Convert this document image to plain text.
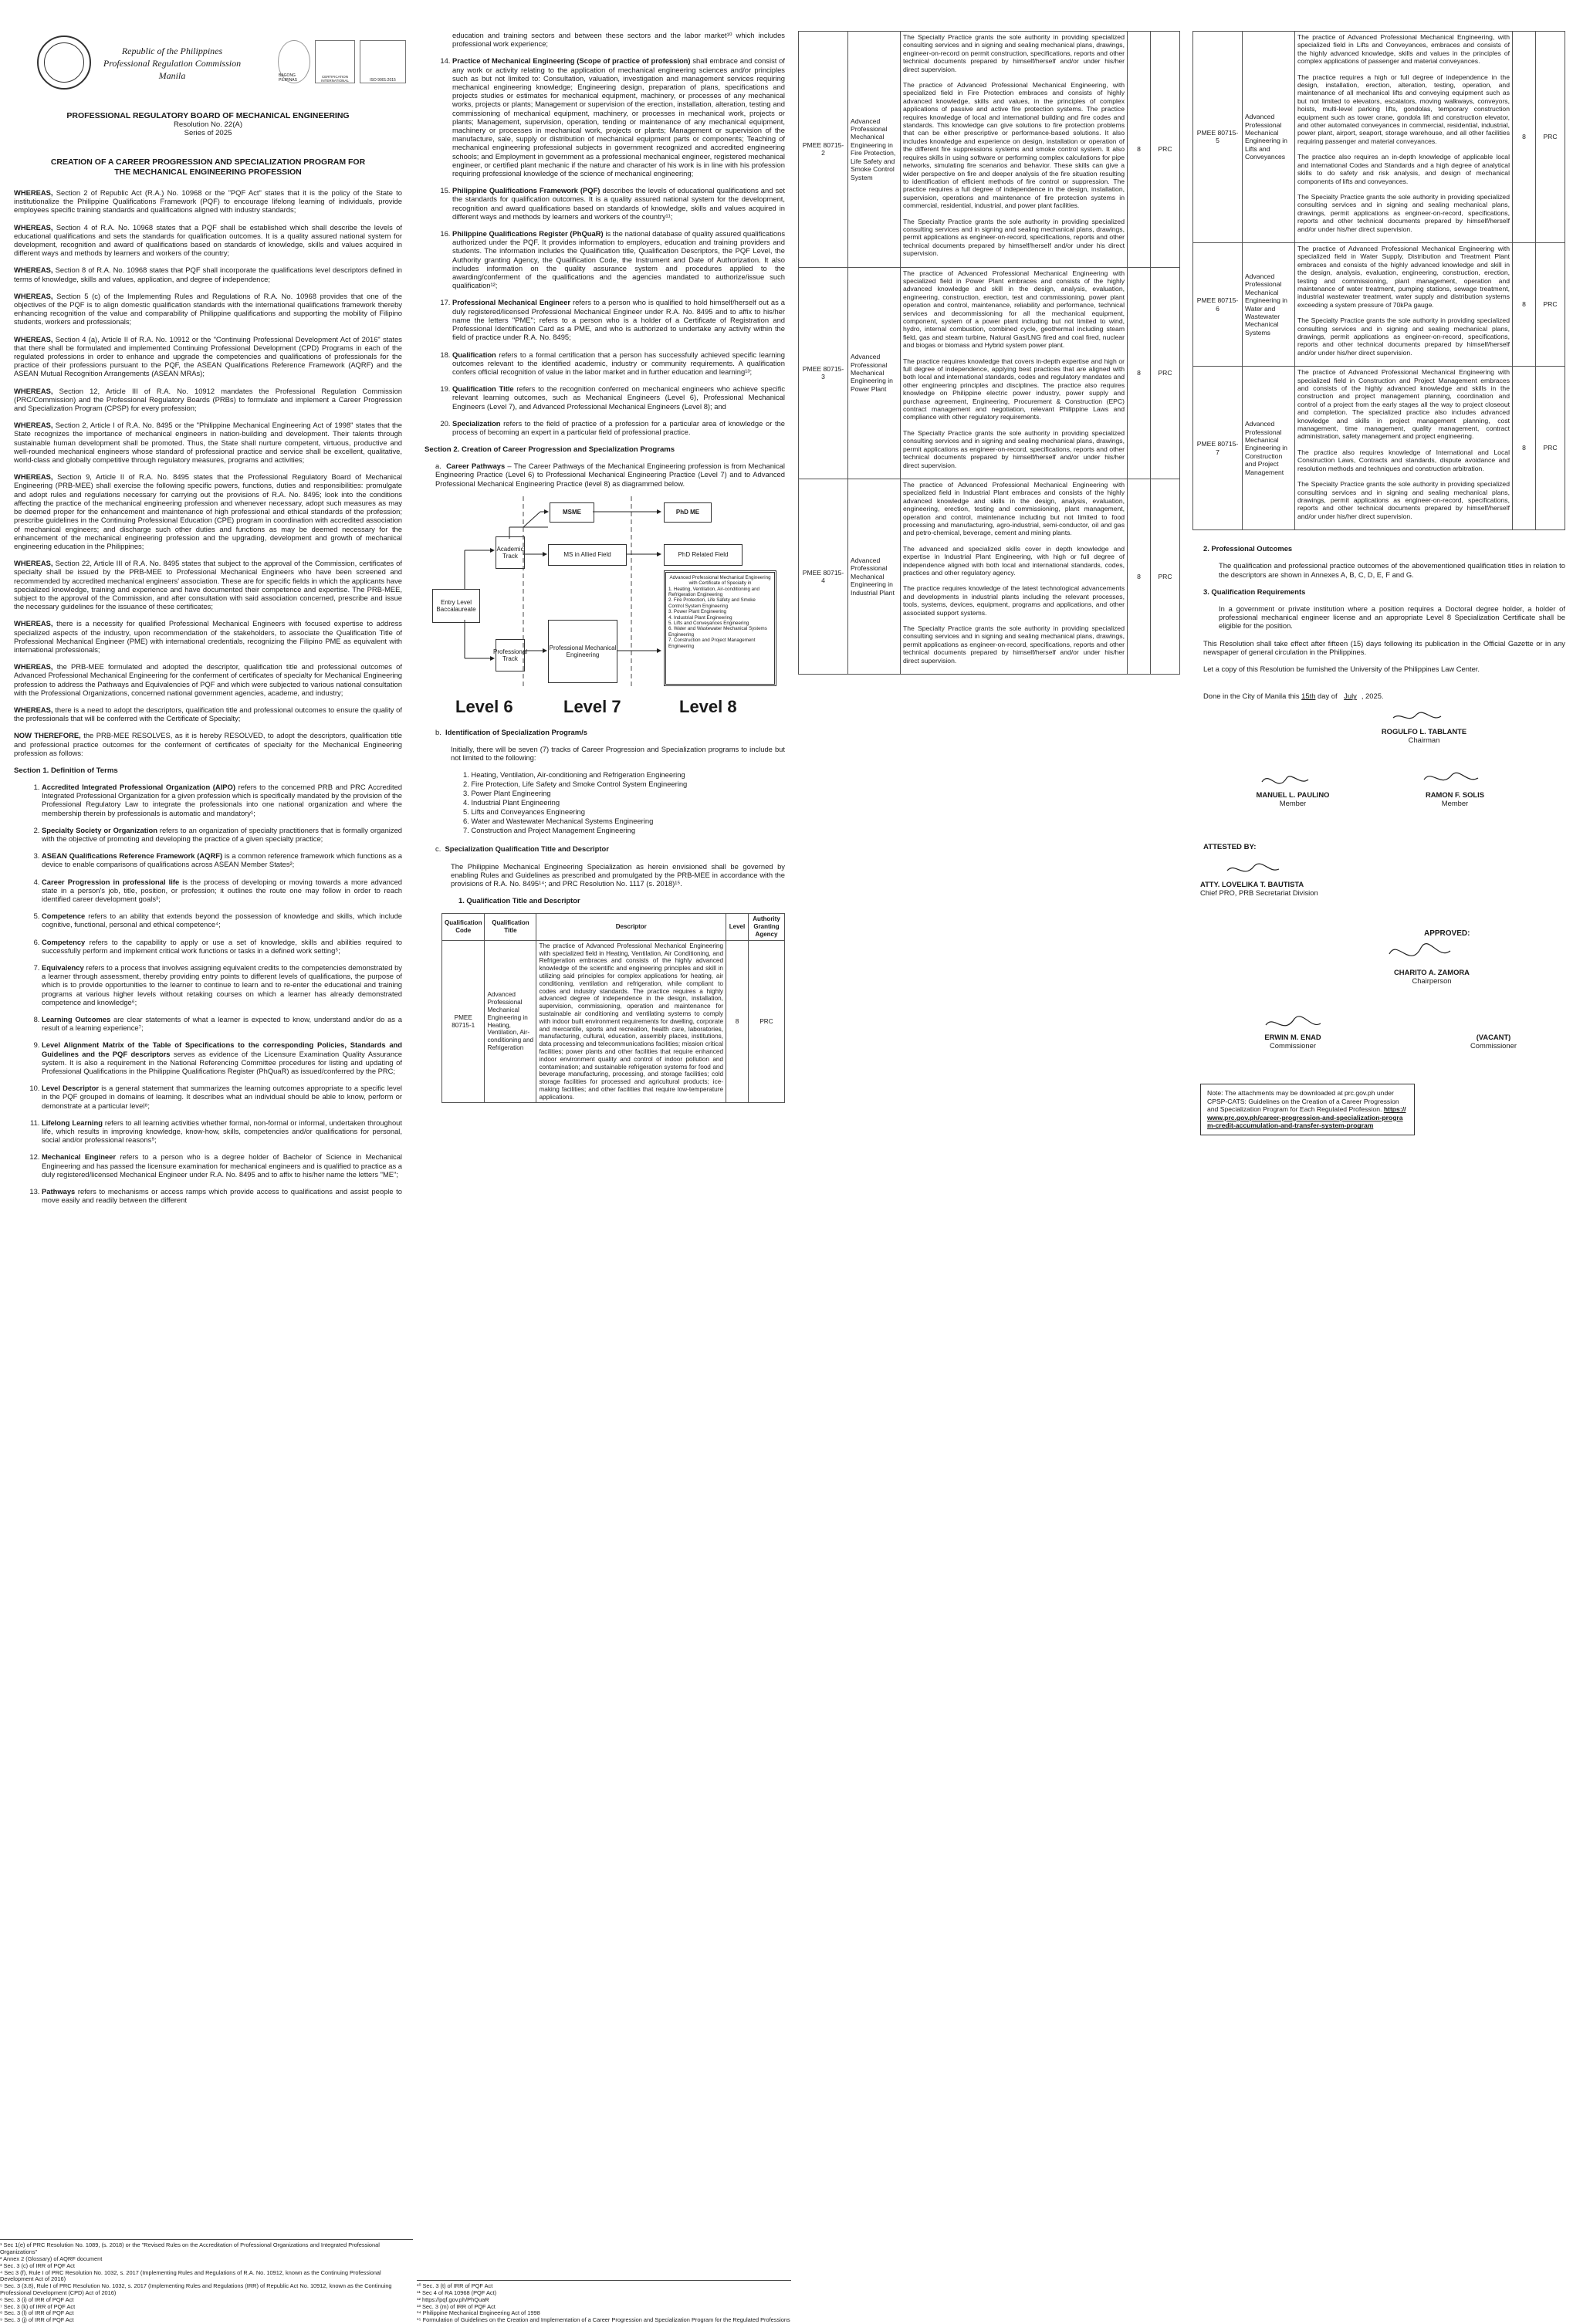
Republic of the Philippines
Professional Regulation Commission
Manila	BAGONG PILIPINAS
CERTIFICATION INTERNATIONAL	ISO 9001:2015
PROFESSIONAL REGULATORY BOARD OF MECHANICAL ENGINEERING
Resolution No. 22(A)
Series of 2025
CREATION OF A CAREER PROGRESSION AND SPECIALIZATION PROGRAM FOR THE MECHANICAL ENGINEERING PROFESSION

WHEREAS, Section 2 of Republic Act (R.A.) No. 10968 or the "PQF Act" states that it is the policy of the State to institutionalize the Philippine Qualifications Framework (PQF) to encourage lifelong learning of individuals, provide employees specific training standards and qualifications aligned with industry standards;

WHEREAS, Section 4 of R.A. No. 10968 states that a PQF shall be established which shall describe the levels of educational qualifications and sets the standards for qualification outcomes. It is a quality assured national system for development, recognition and award of qualifications based on standards of knowledge, skills and values acquired in different ways and methods by learners and workers of the country;

WHEREAS, Section 8 of R.A. No. 10968 states that PQF shall incorporate the qualifications level descriptors defined in terms of knowledge, skills and values, application, and degree of independence;

WHEREAS, Section 5 (c) of the Implementing Rules and Regulations of R.A. No. 10968 provides that one of the objectives of the PQF is to align domestic qualification standards with the international qualifications framework thereby enhancing recognition of the value and comparability of Philippine qualifications and supporting the mobility of Filipino students, workers and professionals;

WHEREAS, Section 4 (a), Article II of R.A. No. 10912 or the "Continuing Professional Development Act of 2016" states that there shall be formulated and implemented Continuing Professional Development (CPD) Programs in each of the regulated professions in order to enhance and upgrade the competencies and qualifications of professionals for the practice of their professions pursuant to the PQF, the ASEAN Qualifications Reference Framework (AQRF) and the ASEAN Mutual Recognition Arrangements (ASEAN MRAs);

WHEREAS, Section 12, Article III of R.A. No. 10912 mandates the Professional Regulation Commission (PRC/Commission) and the Professional Regulatory Boards (PRBs) to formulate and implement a Career Progression and Specialization Program (CPSP) for every profession;

WHEREAS, Section 2, Article I of R.A. No. 8495 or the "Philippine Mechanical Engineering Act of 1998" states that the State recognizes the importance of mechanical engineers in nation-building and development. Their talents through sustainable human development shall be promoted. Thus, the State shall nurture competent, virtuous, productive and well-rounded mechanical engineers whose standard of professional practice and service shall be excellent, qualitative, world-class and globally competitive through regulatory measures, programs and activities;

WHEREAS, Section 9, Article II of R.A. No. 8495 states that the Professional Regulatory Board of Mechanical Engineering (PRB-MEE) shall exercise the following specific powers, functions, duties and responsibilities: promulgate and adopt rules and regulations necessary for carrying out the provisions of R.A. No. 8495; look into the conditions affecting the practice of the mechanical engineering profession and whenever necessary, adopt such measures as may be deemed proper for the enhancement and maintenance of high professional and ethical standards of the profession; prescribe guidelines in the Continuing Professional Education (CPE) program in coordination with accredited association of mechanical engineers; and discharge such other duties and functions as may be deemed necessary for the enhancement of the mechanical engineering profession and the upgrading, development and growth of mechanical engineering education in the Philippines;

WHEREAS, Section 22, Article III of R.A. No. 8495 states that subject to the approval of the Commission, certificates of specialty shall be issued by the PRB-MEE to Professional Mechanical Engineers who have been screened and recommended by accredited mechanical engineers' association. These are for specific fields in which the applicants have specialized knowledge, training and experience and have documented their competence and expertise. The PRB-MEE, subject to the approval of the Commission, and after consultation with said association concerned, prescribe and issue the necessary guidelines for the issuance of these certificates;

WHEREAS, there is a necessity for qualified Professional Mechanical Engineers with focused expertise to address specialized aspects of the industry, upon recommendation of the stakeholders, to associate the Qualification Title of Professional Mechanical Engineer (PME) with international credentials, recognizing the Filipino PME as equivalent with international professionals;

WHEREAS, the PRB-MEE formulated and adopted the descriptor, qualification title and professional outcomes of Advanced Professional Mechanical Engineering for the conferment of certificates of specialty for Mechanical Engineering profession to address the Pathways and Equivalencies of PQF and which were subjected to various national consultation with the Professional Organizations, concerned national government agencies, academe, and industry;

WHEREAS, there is a need to adopt the descriptors, qualification title and professional outcomes to ensure the quality of the professionals that will be conferred with the Certificate of Specialty;

NOW THEREFORE, the PRB-MEE RESOLVES, as it is hereby RESOLVED, to adopt the descriptors, qualification title and professional practice outcomes for the conferment of certificates of specialty for the Mechanical Engineering profession as follows:

Section 1. Definition of Terms
1. Accredited Integrated Professional Organization (AIPO) refers to the concerned PRB and PRC Accredited Integrated Professional Organization for a given profession which is specifically mandated by the provision of the Professional Regulatory Law to integrate the professionals into one national organization and where the membership therein by professionals is automatic and mandatory¹;
2. Specialty Society or Organization refers to an organization of specialty practitioners that is formally organized with the objective of promoting and developing the practice of a given specialty practice;
3. ASEAN Qualifications Reference Framework (AQRF) is a common reference framework which functions as a device to enable comparisons of qualifications across ASEAN Member States²;
4. Career Progression in professional life is the process of developing or moving towards a more advanced state in a person's job, title, position, or profession; it outlines the route one may follow in order to reach identified career development goals³;
5. Competence refers to an ability that extends beyond the possession of knowledge and skills, which include cognitive, functional, personal and ethical competence⁴;
6. Competency refers to the capability to apply or use a set of knowledge, skills and abilities required to successfully perform and implement critical work functions or tasks in a defined work setting⁵;
7. Equivalency refers to a process that involves assigning equivalent credits to the competencies demonstrated by a learner through assessment, thereby providing entry points to different levels of qualifications, the purpose of which is to provide opportunities to the learner to continue to learn and to re-enter the educational and training programs at various higher levels without retaking courses on which a learner has already demonstrated competence and knowledge⁶;
8. Learning Outcomes are clear statements of what a learner is expected to know, understand and/or do as a result of a learning experience⁷;
9. Level Alignment Matrix of the Table of Specifications to the corresponding Policies, Standards and Guidelines and the PQF descriptors serves as evidence of the Licensure Examination Quality Assurance system. It is also a requirement in the National Referencing Committee procedures for listing and updating of Professional Qualifications in the Philippine Qualifications Register (PhQuaR) as issued/conferred by the PRC;
10. Level Descriptor is a general statement that summarizes the learning outcomes appropriate to a specific level in the PQF grouped in domains of learning. It describes what an individual should be able to know, perform or demonstrate at a particular level⁸;
11. Lifelong Learning refers to all learning activities whether formal, non-formal or informal, undertaken throughout life, which results in improving knowledge, know-how, skills, competencies and/or qualifications for personal, social and/or professional reasons⁹;
12. Mechanical Engineer refers to a person who is a degree holder of Bachelor of Science in Mechanical Engineering and has passed the licensure examination for mechanical engineers and is qualified to practice as a duly registered/licensed Mechanical Engineer under R.A. No. 8495 and to affix to his/her name the letters "ME";
13. Pathways refers to mechanisms or access ramps which provide access to qualifications and assist people to move easily and readily between the different

¹ Sec 1(e) of PRC Resolution No. 1089, (s. 2018) or the "Revised Rules on the Accreditation of Professional Organizations and Integrated Professional Organizations"

² Annex 2 (Glossary) of AQRF document

³ Sec. 3 (c) of IRR of PQF Act

⁴ Sec 3 (f), Rule I of PRC Resolution No. 1032, s. 2017 (Implementing Rules and Regulations of R.A. No. 10912, known as the Continuing Professional Development Act of 2016)

⁵ Sec. 3 (3.8), Rule I of PRC Resolution No. 1032, s. 2017 (Implementing Rules and Regulations (IRR) of Republic Act No. 10912, known as the Continuing Professional Development (CPD) Act of 2016)

⁶ Sec. 3 (i) of IRR of PQF Act

⁷ Sec. 3 (k) of IRR of PQF Act

⁸ Sec. 3 (l) of IRR of PQF Act

⁹ Sec. 3 (j) of IRR of PQF Act

education and training sectors and between these sectors and the labor market¹⁰ which includes professional work experience;

14. Practice of Mechanical Engineering (Scope of practice of profession) shall embrace and consist of any work or activity relating to the application of mechanical engineering sciences and/or principles such as but not limited to: Consultation, valuation, investigation and management services requiring mechanical engineering knowledge; Engineering design, preparation of plans, specifications and projects studies or estimates for mechanical equipment, machinery, or processes of any mechanical works, projects or plants; Management or supervision of the erection, installation, alteration, testing and commissioning of mechanical equipment, machinery, or processes in mechanical work, projects or plants; Management, supervision, operation, tending or maintenance of any mechanical equipment, machinery or processes in mechanical work, projects or plants; Management or supervision of the manufacture, sale, supply or distribution of mechanical equipment parts or components; Teaching of mechanical engineering professional subjects in government recognized and accredited engineering schools; and Employment in government as a professional mechanical engineer, registered mechanical engineer, or certified plant mechanic if the nature and character of his work is in line with his profession requiring professional knowledge of the science of mechanical engineering;
15. Philippine Qualifications Framework (PQF) describes the levels of educational qualifications and set the standards for qualification outcomes. It is a quality assured national system for the development, recognition and award qualifications based on standards of knowledge, skills and values acquired in different ways and methods by learners and workers of the country¹¹;
16. Philippine Qualifications Register (PhQuaR) is the national database of quality assured qualifications authorized under the PQF. It provides information to employers, education and training providers and students. The information includes the Qualification title, Qualification Descriptors, the PQF Level, the Authority granting Agency, the Qualification Code, the Instrument and Date of Authorization. It also includes information on the quality assurance system and procedures applied to the awarding/conferment of the qualifications and the agencies mandated to authorize/issue such qualification¹²;
17. Professional Mechanical Engineer refers to a person who is qualified to hold himself/herself out as a duly registered/licensed Professional Mechanical Engineer under R.A. No. 8495 and to affix to his/her name the letters "PME"; refers to a person who is a holder of a Certificate of Registration and Professional Identification Card as a PME, and who is authorized to undertake any activity within the field of practice under R.A. No. 8495;
18. Qualification refers to a formal certification that a person has successfully achieved specific learning outcomes relevant to the identified academic, industry or community requirements. A qualification confers official recognition of value in the labor market and in further education and learning¹³;
19. Qualification Title refers to the recognition conferred on mechanical engineers who achieve specific relevant learning outcomes, such as Mechanical Engineers (Level 6), Professional Mechanical Engineers (Level 7), and Advanced Professional Mechanical Engineers (Level 8); and
20. Specialization refers to the field of practice of a profession for a particular area of knowledge or the process of becoming an expert in a particular field of professional practice.
Section 2. Creation of Career Progression and Specialization Programs

a. Career Pathways – The Career Pathways of the Mechanical Engineering profession is from Mechanical Engineering Practice (Level 6) to Professional Mechanical Engineering Practice (Level 7) and to Advanced Professional Mechanical Engineering Practice (level 8) as diagrammed below.

MSME	PhD ME
Academic Track	MS in Allied Field	PhD Related Field
Entry Level Baccalaureate
Professional Track
Professional Mechanical Engineering
Advanced Professional Mechanical Engineering with Certificate of Specialty in
1. Heating, Ventilation, Air-conditioning and Refrigeration Engineering
2. Fire Protection, Life Safety and Smoke Control System Engineering
3. Power Plant Engineering
4. Industrial Plant Engineering
5. Lifts and Conveyances Engineering
6. Water and Wastewater Mechanical Systems Engineering
7. Construction and Project Management Engineering
Level 6	Level 7	Level 8

b. Identification of Specialization Program/s

Initially, there will be seven (7) tracks of Career Progression and Specialization programs to include but not limited to the following:

1. Heating, Ventilation, Air-conditioning and Refrigeration Engineering
2. Fire Protection, Life Safety and Smoke Control System Engineering
3. Power Plant Engineering
4. Industrial Plant Engineering
5. Lifts and Conveyances Engineering
6. Water and Wastewater Mechanical Systems Engineering
7. Construction and Project Management Engineering

c. Specialization Qualification Title and Descriptor

The Philippine Mechanical Engineering Specialization as herein envisioned shall be governed by enabling Rules and Guidelines as prescribed and promulgated by the PRB-MEE in accordance with the provisions of R.A. No. 8495¹⁴; and PRC Resolution No. 1117 (s. 2018)¹⁵.

1. Qualification Title and Descriptor

Qualification Code	Qualification Title	Descriptor	Level	Authority Granting Agency
PMEE 80715-1	Advanced Professional Mechanical Engineering in Heating, Ventilation, Air-conditioning and Refrigeration	The practice of Advanced Professional Mechanical Engineering with specialized field in Heating, Ventilation, Air Conditioning, and Refrigeration embraces and consists of the highly advanced knowledge of the scientific and engineering principles and skill in utilizing said principles for complex applications for heating, air conditioning, ventilation and refrigeration, while compliant to codes and industry standards. The practice requires a highly advanced degree of independence in the design, installation, supervision, commissioning, operation and maintenance for sustainable air conditioning and ventilating systems to comply with indoor built environment requirements for dwelling, corporate and mercantile, sports and recreation, health care, laboratories, manufacturing, cultural, education, assembly places, institutions, data processing and telecommunications facilities; mission critical facilities; power plants and other facilities that require enhanced indoor environment quality and control of indoor pollution and contamination; and sustainable refrigeration systems for food and beverage manufacturing, processing, and storage facilities; cold storage facilities for processed and agricultural products; ice-making facilities; and other facilities that require low-temperature applications.	8	PRC

¹⁰ Sec. 3 (t) of IRR of PQF Act

¹¹ Sec 4 of RA 10968 (PQF Act)

¹² https://pqf.gov.ph/PhQuaR

¹³ Sec. 3 (m) of IRR of PQF Act

¹⁴ Philippine Mechanical Engineering Act of 1998

¹⁵ Formulation of Guidelines on the Creation and Implementation of a Career Progression and Specialization Program for the Regulated Professions

PMEE 80715-2	Advanced Professional Mechanical Engineering in Fire Protection, Life Safety and Smoke Control System	The Specialty Practice grants the sole authority in providing specialized consulting services and in signing and sealing mechanical plans, drawings, engineer-on-record on permit construction, specifications, reports and other technical documents prepared by himself/herself and/or under his/her direct supervision.
The practice of Advanced Professional Mechanical Engineering, with specialized field in Fire Protection embraces and consists of highly advanced knowledge, skills and values, in the principles of complex applications of passive and active fire protection systems. The practice requires knowledge of local and international building and fire codes and standards. This knowledge can give solutions to fire protection problems that can be either prescriptive or performance-based solutions. It also includes knowledge and experience on design, installation or operation of the different fire suppressions systems and smoke control system. It also requires skills in using software or performing complex calculations for pipe networks, simulating fire scenarios and behavior. These skills can give a wider perspective on fire and deeper analysis of the fire situation resulting to identification of efficient methods of fire control or suppression. The practice requires a full degree of independence in the design, installation, supervision, operations and maintenance of fire protection systems in commercial, residential, industrial, and power plant facilities.
The Specialty Practice grants the sole authority in providing specialized consulting services and in signing and sealing mechanical plans, drawings, permit applications as engineer-on-record, specifications, reports and other technical documents prepared by himself/herself and/or under his direct supervision.	8	PRC
PMEE 80715-3	Advanced Professional Mechanical Engineering in Power Plant	The practice of Advanced Professional Mechanical Engineering with specialized field in Power Plant embraces and consists of the highly advanced knowledge and skill in the design, analysis, evaluation, engineering, construction, erection, test and commissioning, power plant operation and control, maintenance, reliability and performance, technical services and decommissioning for all the mechanical equipment, component, system of a power plant including but not limited to wind, hydro, internal combustion, combined cycle, geothermal including steam field, gas and steam turbine, Natural Gas/LNG fired and coal fired, nuclear and biogas or biomass and Hybrid system power plant.
The practice requires knowledge that covers in-depth expertise and high or full degree of independence, applying best practices that are aligned with both local and international standards, codes and regulatory mandates and other engineering principles and disciplines. The practice also requires knowledge on Philippine electric power industry, power supply and purchase agreement, Engineering, Procurement & Construction (EPC) contract management and negotiation, relevant Philippine Laws and compliance with other regulatory requirements.
The Specialty Practice grants the sole authority in providing specialized consulting services and in signing and sealing mechanical plans, drawings, permit applications as engineer-on-record, specifications, reports and other technical documents prepared by himself/herself and/or under his/her direct supervision.	8	PRC
PMEE 80715-4	Advanced Professional Mechanical Engineering in Industrial Plant	The practice of Advanced Professional Mechanical Engineering with specialized field in Industrial Plant embraces and consists of the highly advanced knowledge and skills in the design, analysis, evaluation, engineering, erection, testing and commissioning, plant management, operation and control, maintenance including but not limited to food processing and manufacturing, agro-industrial, semi-conductor, oil and gas and petro-chemical, beverage, cement and mining plants.
The advanced and specialized skills cover in depth knowledge and expertise in Industrial Plant Engineering, with high or full degree of independence aligned with both local and international standards, codes, practices and other regulatory agency.
The practice requires knowledge of the latest technological advancements and developments in industrial plants including the relevant processes, tools, systems, devices, equipment, programs and applications, and other associated support systems.
The Specialty Practice grants the sole authority in providing specialized consulting services and in signing and sealing mechanical plans, drawings, permit applications as engineer-on-record, specifications, reports and other technical documents prepared by himself/herself and/or under his/her direct supervision.	8	PRC
PMEE 80715-5	Advanced Professional Mechanical Engineering in Lifts and Conveyances	The practice of Advanced Professional Mechanical Engineering, with specialized field in Lifts and Conveyances, embraces and consists of the highly advanced knowledge, skills and values in the principles of complex applications of passenger and material conveyances.
The practice requires a high or full degree of independence in the design, installation, erection, alteration, testing, operation, and maintenance of all mechanical lifts and conveying equipment such as but not limited to elevators, escalators, moving walkways, conveyors, hoists, multi-level parking lifts, gondolas, temporary construction equipment such as tower crane, gondola lift and construction elevator, and other automated conveyances in commercial, residential, industrial, power plant, airport, seaport, storage warehouse, and all other facilities requiring passenger and material conveyances.
The practice also requires an in-depth knowledge of applicable local and international Codes and Standards and a high degree of analytical skills to do safety and risk analysis, and design of mechanical components of lifts and conveyances.
The Specialty Practice grants the sole authority in providing specialized consulting services and in signing and sealing mechanical plans, drawings, permit applications as engineer-on-record, specifications, reports and other technical documents prepared by himself/herself and/or under his/her direct supervision.	8	PRC
PMEE 80715-6	Advanced Professional Mechanical Engineering in Water and Wastewater Mechanical Systems	The practice of Advanced Professional Mechanical Engineering with specialized field in Water Supply, Distribution and Treatment Plant embraces and consists of the highly advanced knowledge and skill in the design, analysis, evaluation, engineering, construction, erection, testing and commissioning, plant management, operation and maintenance of water treatment, pumping stations, sewage treatment, industrial wastewater treatment, water supply and distribution systems exceeding a system pressure of 70kPa gauge.
The Specialty Practice grants the sole authority in providing specialized consulting services and in signing and sealing mechanical plans, drawings, permit applications as engineer-on-record, specifications, reports and other technical documents prepared by himself/herself and/or under his/her direct supervision.	8	PRC
PMEE 80715-7	Advanced Professional Mechanical Engineering in Construction and Project Management	The practice of Advanced Professional Mechanical Engineering with specialized field in Construction and Project Management embraces and consists of the highly advanced knowledge and skills in the construction and project management planning, coordination and control of a project from the early stages all the way to project closeout and completion. The specialized practice also includes advanced knowledge and skills in project management planning, cost management, time management, quality management, contract administration, safety management and project engineering.
The practice also requires knowledge of International and Local Construction Laws, Contracts and standards, dispute avoidance and resolution methods and techniques and construction arbitration.
The Specialty Practice grants the sole authority in providing specialized consulting services and in signing and sealing mechanical plans, drawings, permit applications as engineer-on-record, specifications, reports and other technical documents prepared by himself/herself and/or under his/her direct supervision.	8	PRC

2. Professional Outcomes

The qualification and professional practice outcomes of the abovementioned qualification titles in relation to the descriptors are shown in Annexes A, B, C, D, E, F and G.

3. Qualification Requirements

In a government or private institution where a position requires a Doctoral degree holder, a holder of professional mechanical engineer license and an appropriate Level 8 Specialization Certificate shall be eligible for the position.

This Resolution shall take effect after fifteen (15) days following its publication in the Official Gazette or in any newspaper of general circulation in the Philippines.

Let a copy of this Resolution be furnished the University of the Philippines Law Center.

Done in the City of Manila this 15th day of July , 2025.

ROGULFO L. TABLANTE
Chairman
MANUEL L. PAULINO
Member
RAMON F. SOLIS
Member
ATTESTED BY:
ATTY. LOVELIKA T. BAUTISTA
Chief PRO, PRB Secretariat Division
APPROVED:
CHARITO A. ZAMORA
Chairperson
ERWIN M. ENAD
Commissioner
(VACANT)
Commissioner
Note: The attachments may be downloaded at prc.gov.ph under CPSP-CATS: Guidelines on the Creation of a Career Progression and Specialization Program for Each Regulated Profession. https://www.prc.gov.ph/career-progression-and-specialization-program-credit-accumulation-and-transfer-system-program
